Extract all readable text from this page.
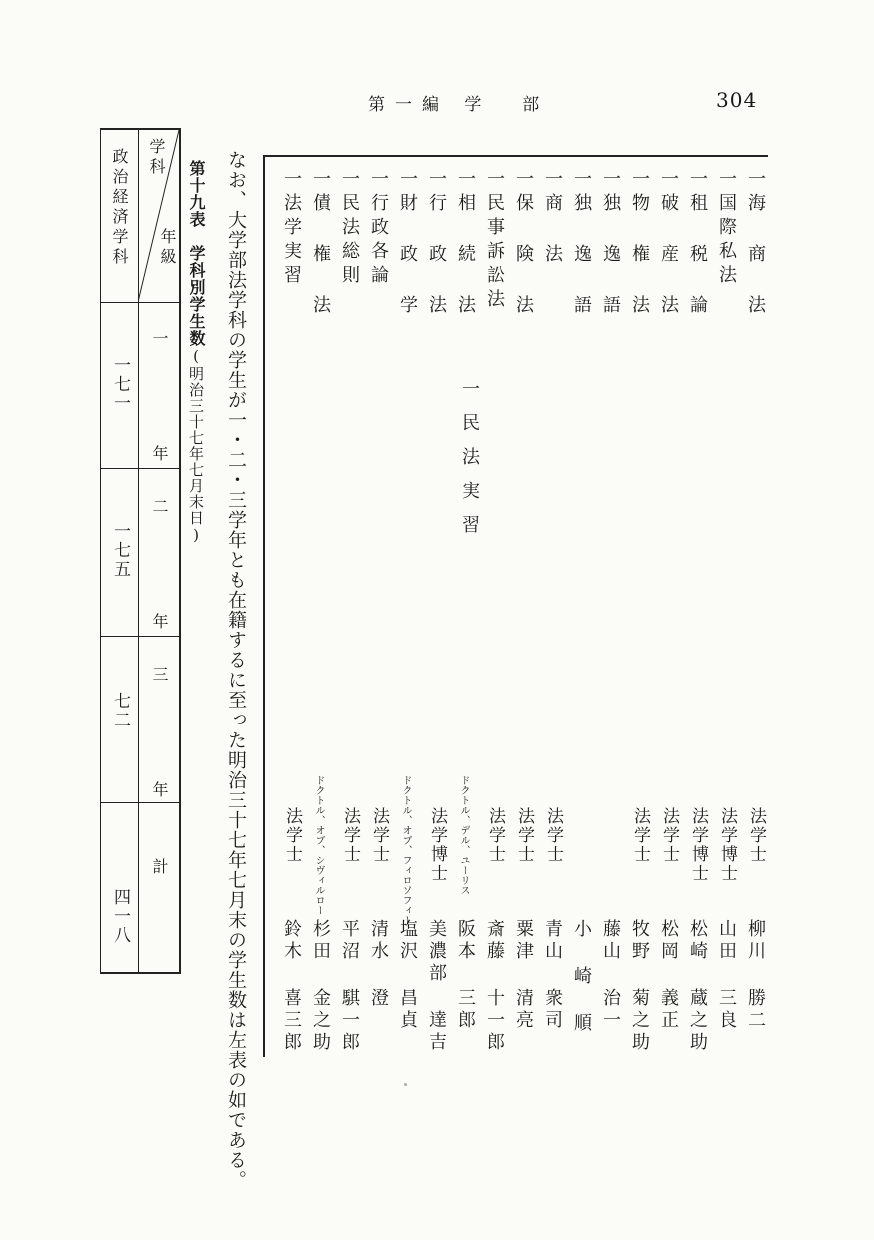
第一編 学  部	304
一海 商 法
法学士
柳川 勝二
一国際私法
法学博士
山田 三良
一租 税 論
法学博士
松崎 蔵之助
一破 産 法
法学士
松岡 義正
一物 権 法
法学士
牧野 菊之助
一独 逸 語
藤山 治一
一独 逸 語
小 崎 順
一商 法
法学士
青山 衆司
一保 険 法
法学士
粟津 清亮
一民事訴訟法
法学士
斎藤 十一郎
一相 続 法
ドクトル、デル、ユーリス
阪本 三郎
一民法実習
一行 政 法
法学博士
美濃部 達吉
一財 政 学
ドクトル、オブ、フィロソフィー
塩沢 昌貞
一行政各論
法学士
清水 澄
一民法総則
法学士
平沼 騏一郎
一債 権 法
ドクトル、オブ、シヴィルロー
杉田 金之助
一法学実習
法学士
鈴木 喜三郎
なお、大学部法学科の学生が一・二・三学年とも在籍するに至った明治三十七年七月末の学生数は左表の如である。
第十九表　学科別学生数(明治三十七年七月末日)
学科
年級
政治経済学科
一 年
一七一
二 年
一七五
三 年
七二
計
四一八
